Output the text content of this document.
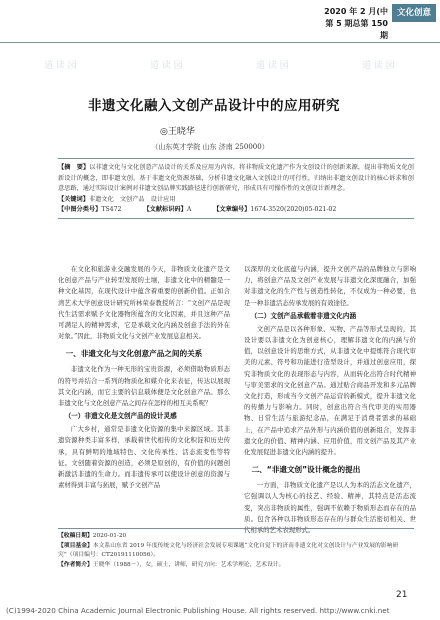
2020 年 2 月(中
第 5 期总第 150 期
文化创意
道 读 园	道 读 园	道 读 园	道 读 园
非遗文化融入文创产品设计中的应用研究
◎王晓华
（山东英才学院 山东 济南 250000）

【摘　要】以非遗文化与文化创意产品设计的关系及应用为内容，将非物质文化遗产作为文创设计的创新来源，提出非物质文化创新设计的概念，即非遗文创。基于非遗文化资源基础，分析非遗文化融入文创设计的可行性，归纳出非遗文创设计的核心诉求和创意思路，通过实际设计案例对非遗文创品牌实践路径进行创新研究，形成具有可操作性的文创设计新理念。

【关键词】非遗文化　文创产品　设计应用

【中图分类号】TS472	【文献标识码】A	【文章编号】1674-3520(2020)05-021-02

在文化和旅游业交融发展的今天，非物质文化遗产是文化创意产品与产业转型发展的土壤，非遗文化中的精髓是一种文化基因，在现代设计中蕴含着重要的创新价值。正如合湾艺术大学创意设计研究所林荣泰教授所言：“文创产品是现代生活需求赋予文化器物所蕴含的文化因素，并且这种产品可满足人的精神需求，它是承载文化内涵及创意手法的外在对象。”因此，非物质文化与文创产业发展息息相关。

一、非遗文化与文化创意产品之间的关系

非遗文化作为一种无形的宝贵资源，必须借助物质形态的符号并结合一系列的物质化和媒介化来表征，传达以展现其文化内涵，而它主要的信息载体便是文化创意产品。那么非遗文化与文化创意产品之间存在怎样的相互关系呢？

（一）非遗文化是文创产品的设计灵感

广大乡村，通常是非遗文化资源的集中来源区域。其非遗资源种类丰富多样，承载着世代相传的文化积淀和历史传承，具有鲜明的地域特色、文化传承性、活态流变性等特征。文创随着资源的创造，必须是原创的，有价值的问题创新激活非遗的生命力。而非遗传承可以使设计创意的资源与素材得到丰富与拓展，赋予文创产品

以深厚的文化底蕴与内涵，提升文创产品的品牌独立与影响力，将创意产品及文创产业发展与非遗文化深度融合，加强对非遗文化的生产性与创造性转化，不仅成为一种必要，也是一种非遗活态传承发展的有效途径。

（二）文创产品承载着非遗文化内涵

文创产品是以各种形象、实物、产品等形式呈现的，其设计要以非遗文化为创意核心，理解非遗文化的内涵与价值，以创意设计的思维方式，从非遗文化中提炼符合现代审美的元素、符号和功能进行造型设计，并通过创意应用，探究非物质文化的表现形态与内容，从而转化出符合时代精神与审美需求的文化创意产品。通过贴合商品开发和多元品牌文化打造，形成当今文创产品运营的新模式，提升非遗文化的传播力与影响力。同时，创意出符合当代审美的实用器物、日常生活与旅游纪念品，在满足于消费者需求的基础上，在产品中追求产品外形与内涵价值的创新组合，发挥非遗文化的价值、精神内涵、应用价值，用文创产品及其产业化发展促进非遗文化内涵的提升。

二、“非遗文创”设计概念的提出

一方面，非物质文化遗产是以人为本的活态文化遗产，它强调以人为核心的技艺、经验、精神，其特点是活态流变，突出非物质的属性，强调不依赖于物质形态而存在的品质。包含各种以非物质形态存在的与群众生活密切相关、世代相承的艺术表现形式。

【收稿日期】2020-01-20

【项目基金】本文系山东省 2019 年度传统文化与经济社会发展专项课题“文化自觉下的济南非遗文化对文创设计与产业发展的影响研究”（项目编号：CT20191110056）。

【作者简介】王晓华（1988－），女，硕士，讲师，研究方向：艺术学理论，艺术设计。

21
(C)1994-2020 China Academic Journal Electronic Publishing House. All rights reserved. http://www.cnki.net
